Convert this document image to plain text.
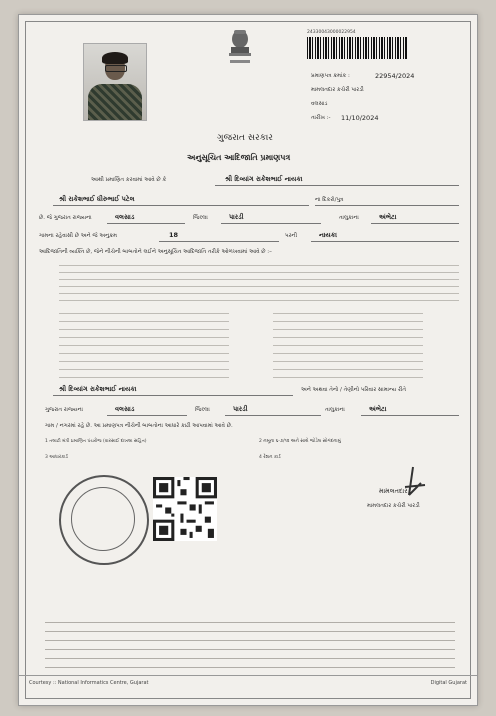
24330043000022954
પ્રમાણપત્ર ક્રમાંક :	22954/2024
મામલતદાર કચેરી પારડી
વલસાડ
તારીખ :- 11/10/2024
ગુજરાત સરકાર
અનુસૂચિત આદિજાતિ પ્રમાણપત્ર
આથી પ્રમાણિત કરવામાં આવે છે કે	શ્રી દિવ્યાંગ રાકેશભાઈ નાયકા
શ્રી રાકેશભાઈ ધીરુભાઈ પટેલ	ના દિકરો/પુત્ર
છે. જે ગુજરાત રાજ્યના	વલસાડ	જિલ્લા	પારડી	તાલુકાના	અંભેટા
ગામના રહેવાસી છે અને જે અનુક્રમ	18	પરની	નાયકા
આદિજાતિની વ્યક્તિ છે, જેને નીચેની બાબતોને લઈને અનુસૂચિત આદિજાતિ તરીકે ઓળખવામાં આવે છે :–
શ્રી દિવ્યાંગ રાકેશભાઈ નાયકા	અને અથવા તેનો / તેણીનો પરિવાર સામાન્ય રીતે
ગુજરાત રાજ્યના	વલસાડ	જિલ્લા	પારડી	તાલુકાના	અંભેટા
ગામ / નગરમાં રહે છે. આ પ્રમાણપત્ર નીચેની બાબતોના આધારે કાઢી આપવામાં આવે છે.
1 તલાટી મંત્રી પ્રમાણિત પંચરોજ (વારસાઈ દાખલા સહિત)	2 નમૂના ૬-૭/૧૨ અને સાથે જોડેલ સોગંદનામું
3 આધારકાર્ડ	4 રેશન કાર્ડ
મામલતદાર
મામલતદાર કચેરી પારડી
Courtesy :: National Informatics Centre, Gujarat	Digital Gujarat
